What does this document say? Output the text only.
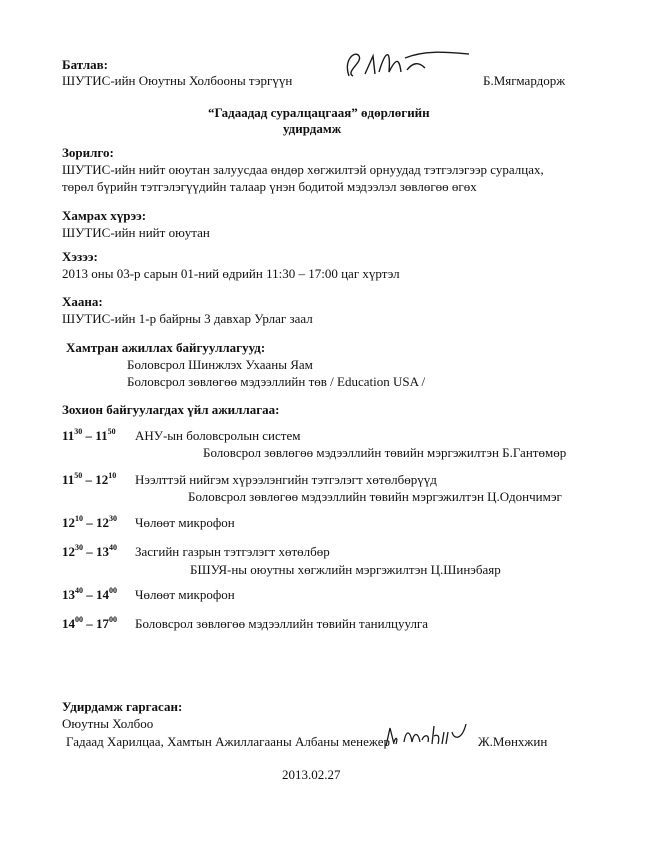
Батлав:
ШУТИС-ийн Оюутны Холбооны тэргүүн	Б.Мягмардорж
“Гадаадад суралцацгаая” өдөрлөгийн
удирдамж
Зорилго:
ШУТИС-ийн нийт оюутан залуусдаа өндөр хөгжилтэй орнуудад тэтгэлэгээр суралцах,
төрөл бүрийн тэтгэлэгүүдийн талаар үнэн бодитой мэдээлэл зөвлөгөө өгөх
Хамрах хүрээ:
ШУТИС-ийн нийт оюутан
Хэзээ:
2013 оны 03-р сарын 01-ний өдрийн 11:30 – 17:00 цаг хүртэл
Хаана:
ШУТИС-ийн 1-р байрны 3 давхар Урлаг заал
Хамтран ажиллах байгууллагууд:
Боловсрол Шинжлэх Ухааны Яам
Боловсрол зөвлөгөө мэдээллийн төв / Education USA /
Зохион байгуулагдах үйл ажиллагаа:
$11^{30} - 11^{50}$ АНУ-ын боловсролын систем
Боловсрол зөвлөгөө мэдээллийн төвийн мэргэжилтэн Б.Гантөмөр
$11^{50} - 12^{10}$ Нээлттэй нийгэм хүрээлэнгийн тэтгэлэгт хөтөлбөрүүд
Боловсрол зөвлөгөө мэдээллийн төвийн мэргэжилтэн Ц.Одончимэг
$12^{10} - 12^{30}$ Чөлөөт микрофон
$12^{30} - 13^{40}$ Засгийн газрын тэтгэлэгт хөтөлбөр
БШУЯ-ны оюутны хөгжлийн мэргэжилтэн Ц.Шинэбаяр
$13^{40} - 14^{00}$ Чөлөөт микрофон
$14^{00} - 17^{00}$ Боловсрол зөвлөгөө мэдээллийн төвийн танилцуулга
Удирдамж гаргасан:
Оюутны Холбоо
Гадаад Харилцаа, Хамтын Ажиллагааны Албаны менежер	Ж.Мөнхжин
2013.02.27
